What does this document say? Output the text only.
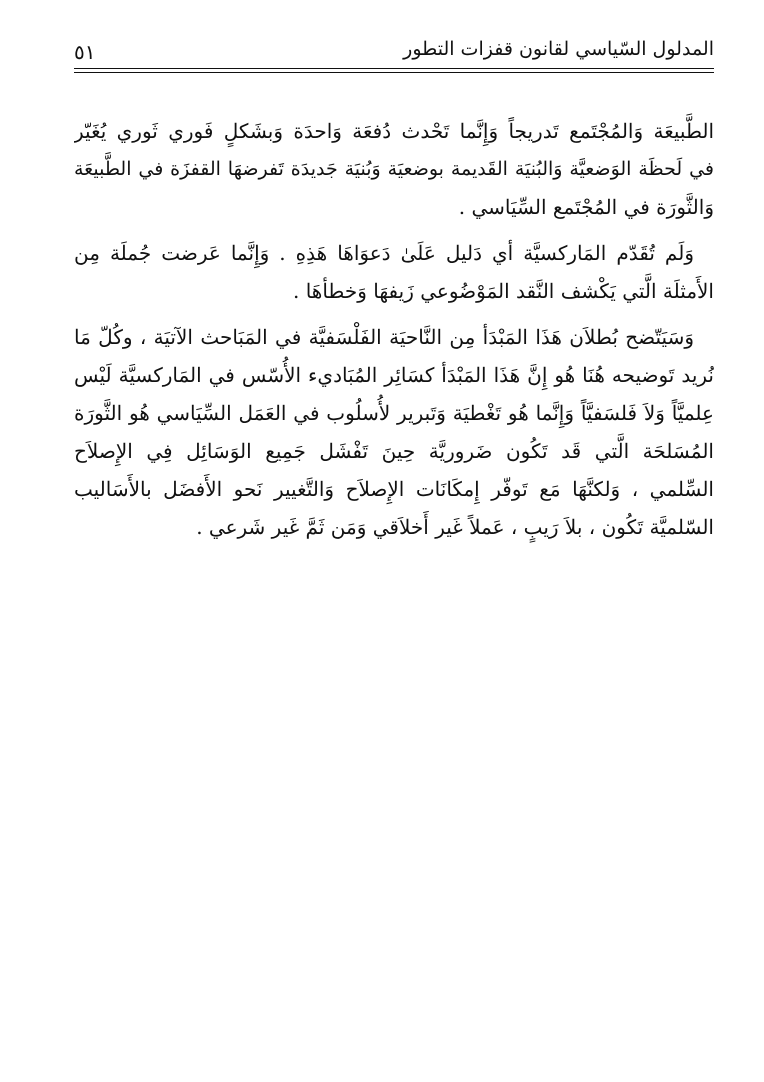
المدلول السّياسي لقانون قفزات التطور
٥١
الطَّبيعَة وَالمُجْتَمع تَدريجاً وَإِنَّما تَحْدث دُفعَة وَاحدَة وَبشَكلٍ فَوري ثَوري يُغَيّر
في لَحظَة الوَضعيَّة وَالبُنيَة القَديمة بوضعيَة وَبُنيَة جَديدَة تَفرضهَا القفزَة في الطَّبيعَة
وَالثَّورَة في المُجْتَمع السِّيَاسي .
وَلَم تُقَدّم المَاركسيَّة أي دَليل عَلَىٰ دَعوَاهَا هَذِهِ . وَإِنَّما عَرضت جُملَة مِن
الأَمثلَة الَّتي يَكْشف النَّقد المَوْضُوعي زَيفهَا وَخطأهَا .
وَسَيَتّضح بُطلاَن هَذَا المَبْدَأ مِن النَّاحيَة الفَلْسَفيَّة في المَبَاحث الآتيَة ، وكُلّ مَا
نُريد تَوضيحه هُنَا هُو إِنَّ هَذَا المَبْدَأ كسَائِر المُبَاديء الأُسّس في المَاركسيَّة لَيْس
عِلميَّاً وَلاَ فَلسَفيَّاً وَإِنَّما هُو تَغْطيَة وَتَبرير لأُسلُوب في العَمَل السِّيَاسي هُو الثَّورَة
المُسَلحَة الَّتي قَد تَكُون ضَروريَّة حِينَ تَفْشَل جَمِيع الوَسَائِل فِي الإِصلاَح
السِّلمي ، وَلكنَّهَا مَع تَوفّر إِمكَانَات الإِصلاَح وَالتَّغيير نَحو الأَفضَل بالأَسَاليب
السّلميَّة تَكُون ، بلاَ رَيبٍ ، عَملاً غَير أَخلاَقي وَمَن ثَمَّ غَير شَرعي .
